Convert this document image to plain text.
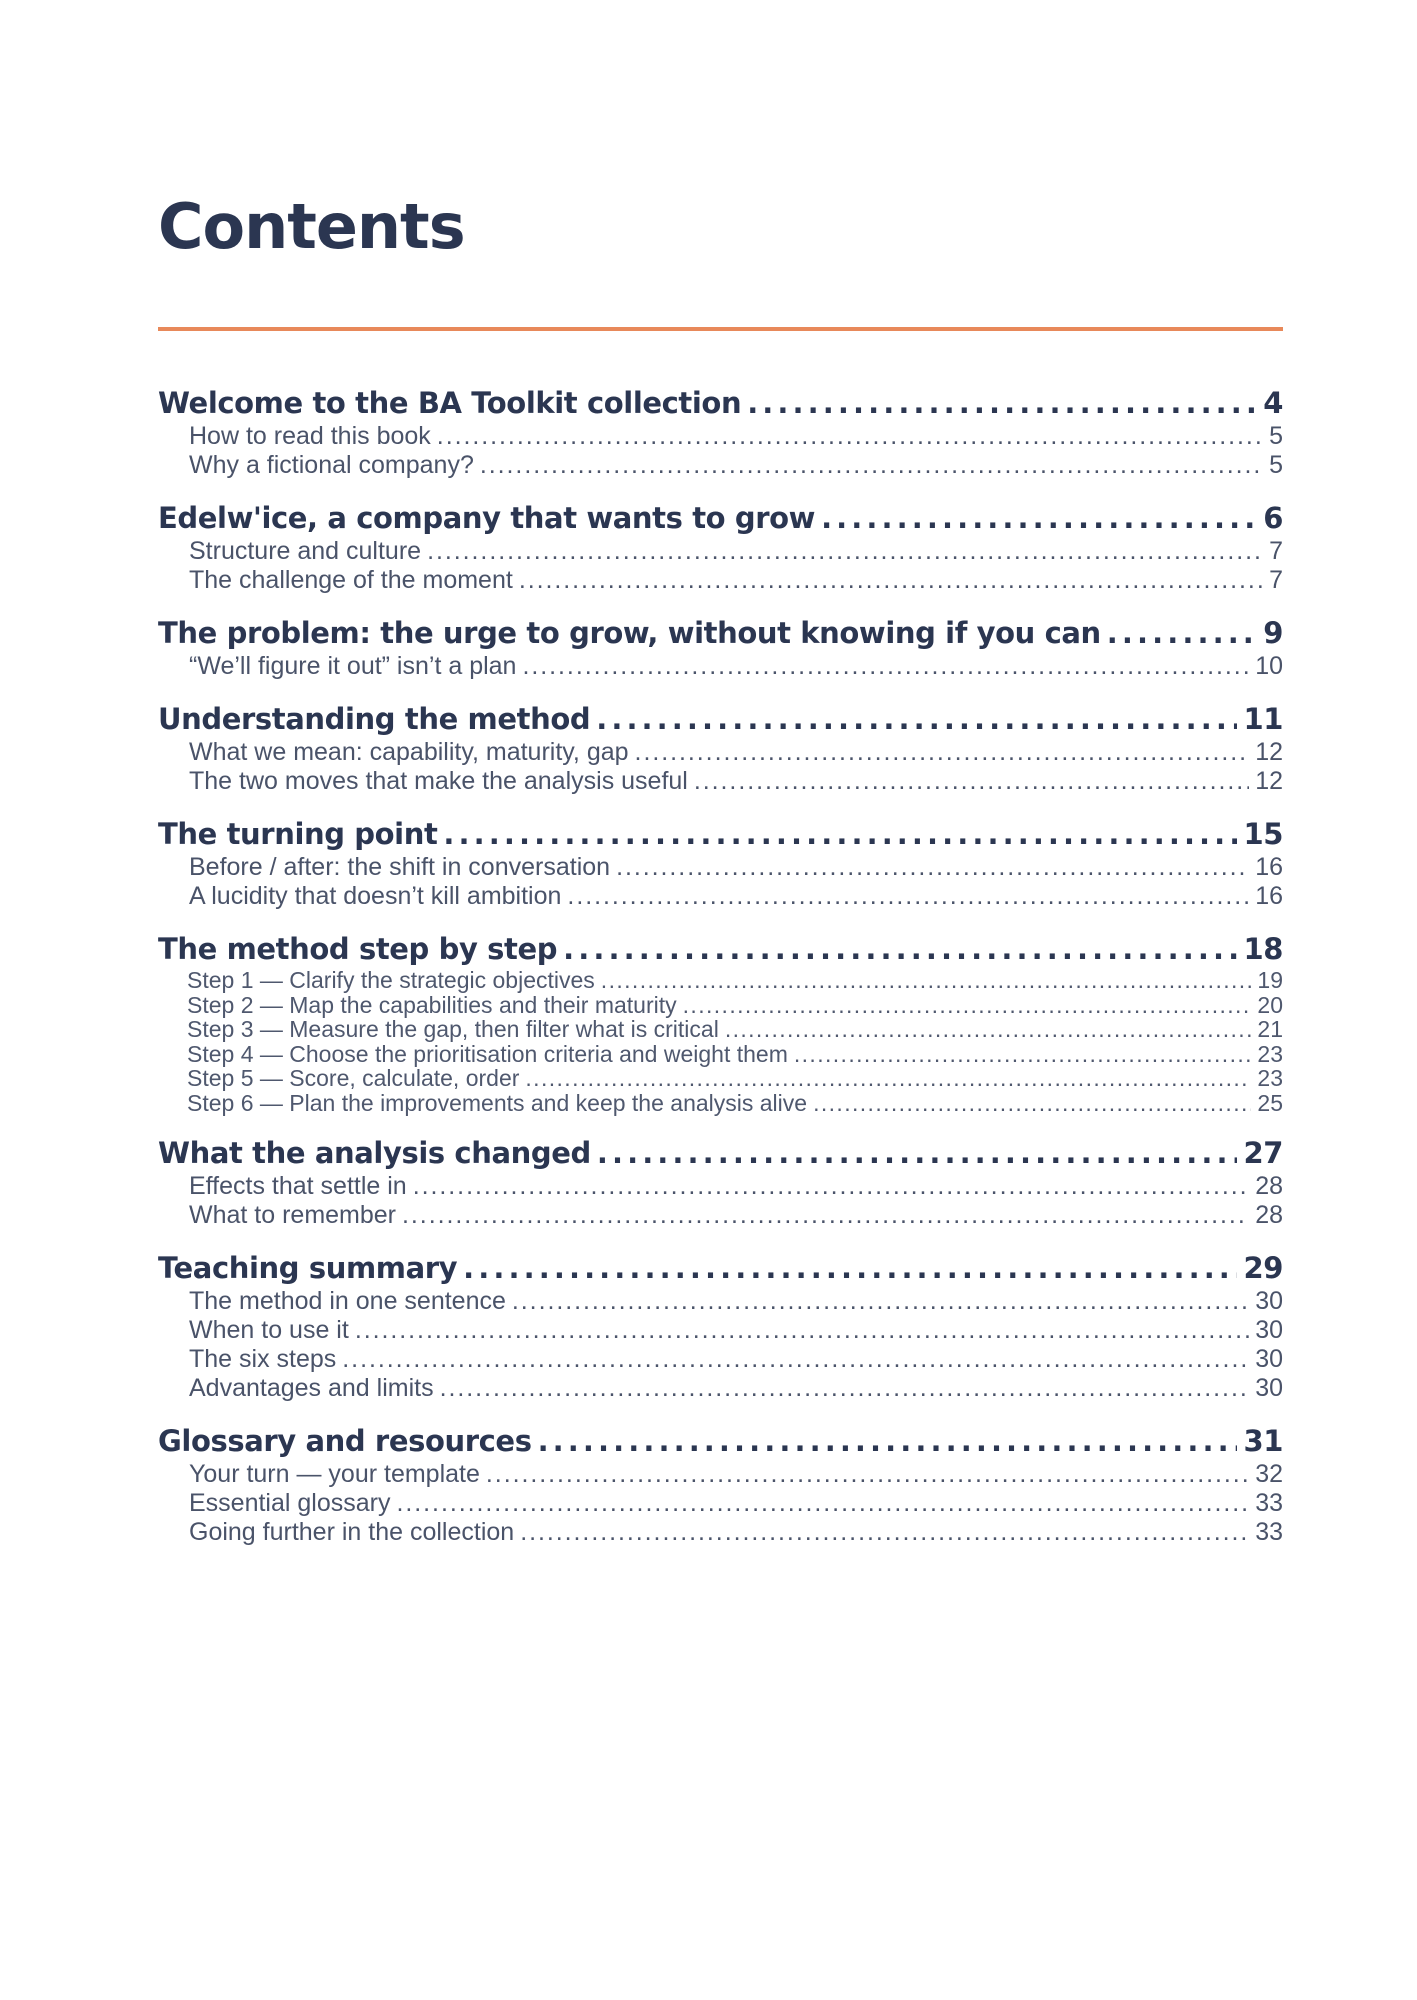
Contents
Welcome to the BA Toolkit collection . . .	4
How to read this book . . .	5
Why a fictional company? . . .	5
Edelw'ice, a company that wants to grow . . .	6
Structure and culture . . .	7
The challenge of the moment . . .	7
The problem: the urge to grow, without knowing if you can . . .	9
“We’ll figure it out” isn’t a plan . . .	10
Understanding the method . . .	11
What we mean: capability, maturity, gap . . .	12
The two moves that make the analysis useful . . .	12
The turning point . . .	15
Before / after: the shift in conversation . . .	16
A lucidity that doesn’t kill ambition . . .	16
The method step by step . . .	18
Step 1 — Clarify the strategic objectives . . .	19
Step 2 — Map the capabilities and their maturity . . .	20
Step 3 — Measure the gap, then filter what is critical . . .	21
Step 4 — Choose the prioritisation criteria and weight them . . .	23
Step 5 — Score, calculate, order . . .	23
Step 6 — Plan the improvements and keep the analysis alive . . .	25
What the analysis changed . . .	27
Effects that settle in . . .	28
What to remember . . .	28
Teaching summary . . .	29
The method in one sentence . . .	30
When to use it . . .	30
The six steps . . .	30
Advantages and limits . . .	30
Glossary and resources . . .	31
Your turn — your template . . .	32
Essential glossary . . .	33
Going further in the collection . . .	33
